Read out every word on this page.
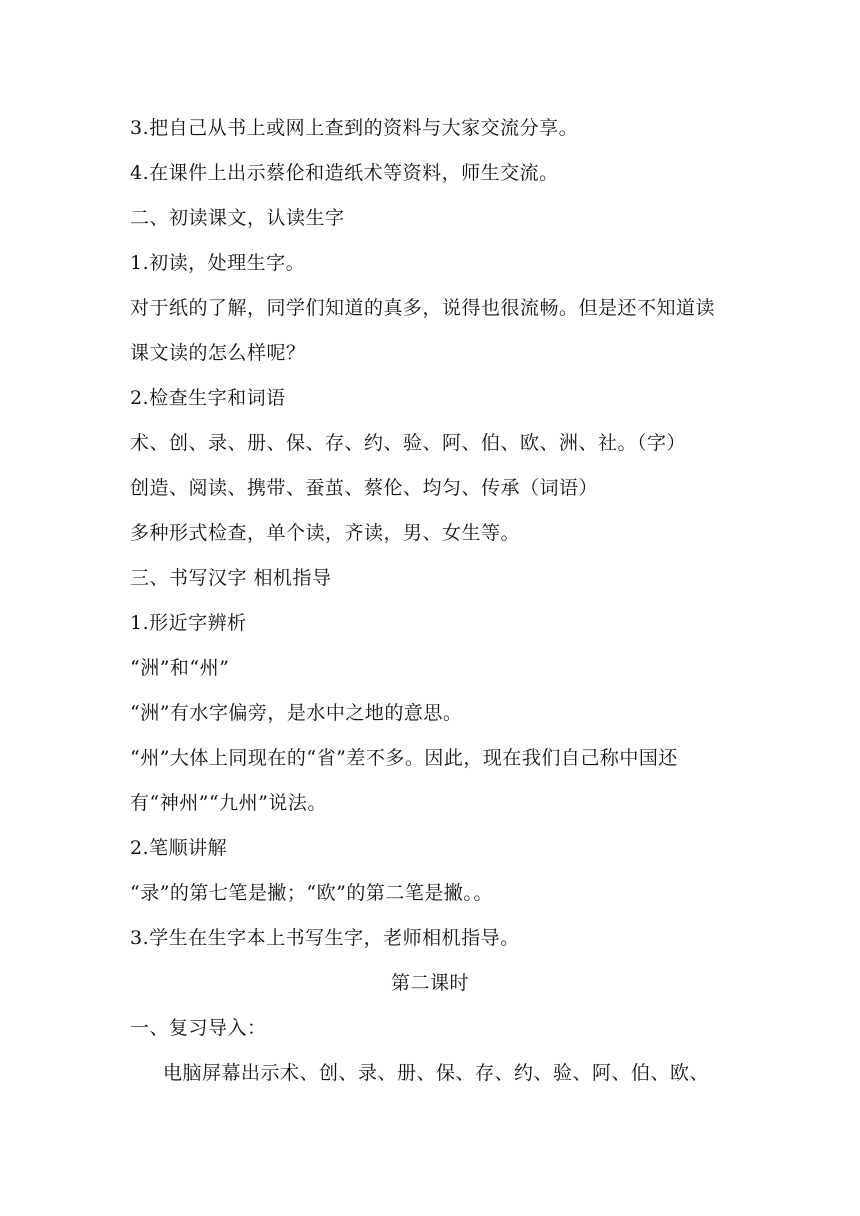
3.把自己从书上或网上查到的资料与大家交流分享。
4.在课件上出示蔡伦和造纸术等资料，师生交流。
二、初读课文，认读生字
1.初读，处理生字。
对于纸的了解，同学们知道的真多，说得也很流畅。但是还不知道读
课文读的怎么样呢？
2.检查生字和词语
术、创、录、册、保、存、约、验、阿、伯、欧、洲、社。（字）
创造、阅读、携带、蚕茧、蔡伦、均匀、传承（词语）
多种形式检查，单个读，齐读，男、女生等。
三、书写汉字 相机指导
1.形近字辨析
“洲”和“州”
“洲”有水字偏旁，是水中之地的意思。
“州”大体上同现在的“省”差不多。因此，现在我们自己称中国还
有“神州”“九州”说法。
2.笔顺讲解
“录”的第七笔是撇；“欧”的第二笔是撇。。
3.学生在生字本上书写生字，老师相机指导。
第二课时
一、复习导入：
电脑屏幕出示术、创、录、册、保、存、约、验、阿、伯、欧、
